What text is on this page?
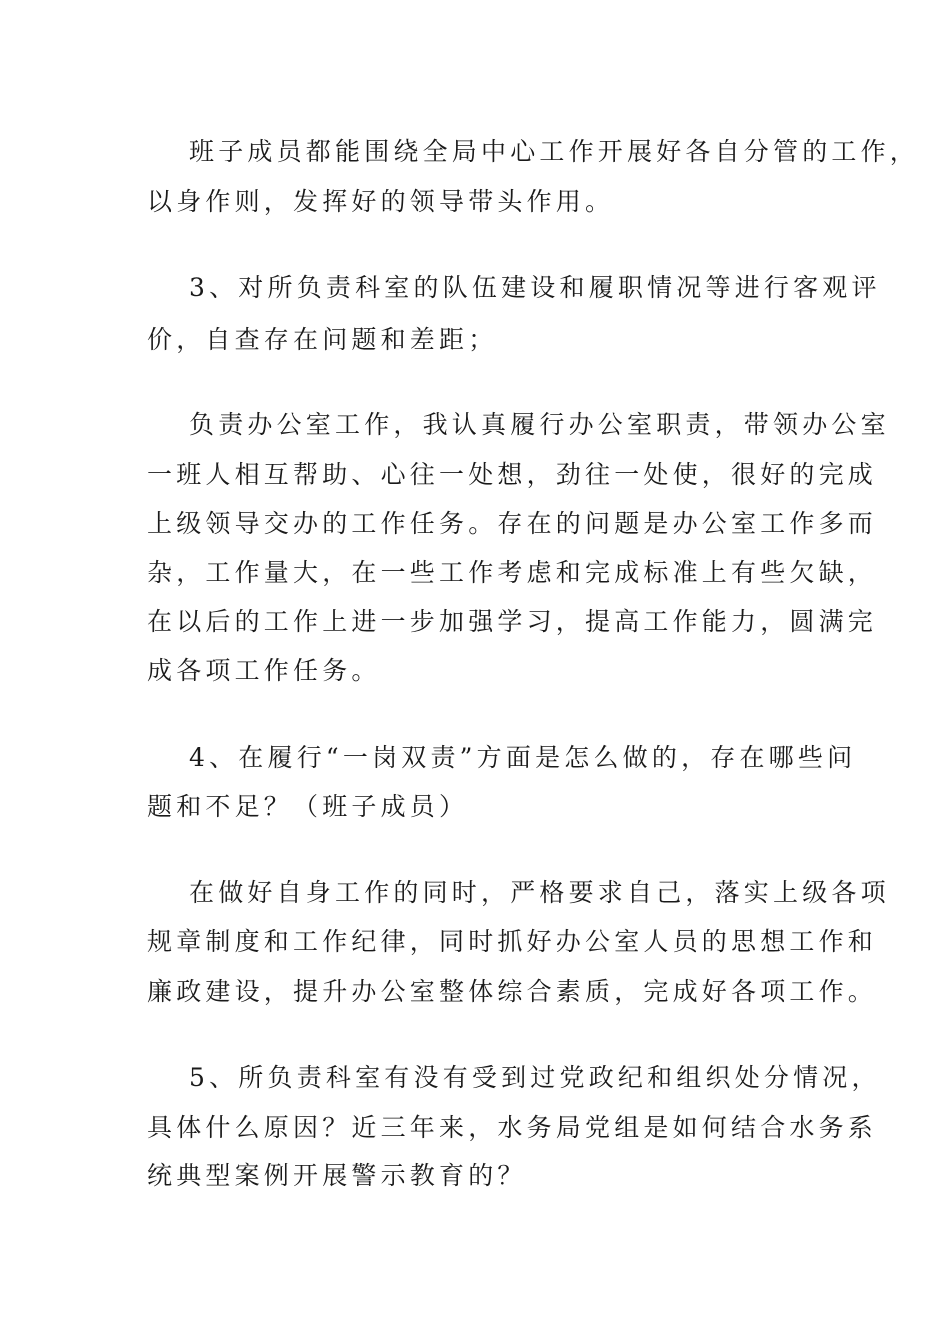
班子成员都能围绕全局中心工作开展好各自分管的工作，
以身作则，发挥好的领导带头作用。
3、对所负责科室的队伍建设和履职情况等进行客观评
价，自查存在问题和差距；
负责办公室工作，我认真履行办公室职责，带领办公室
一班人相互帮助、心往一处想，劲往一处使，很好的完成
上级领导交办的工作任务。存在的问题是办公室工作多而
杂，工作量大，在一些工作考虑和完成标准上有些欠缺，
在以后的工作上进一步加强学习，提高工作能力，圆满完
成各项工作任务。
4、在履行“一岗双责”方面是怎么做的，存在哪些问
题和不足？（班子成员）
在做好自身工作的同时，严格要求自己，落实上级各项
规章制度和工作纪律，同时抓好办公室人员的思想工作和
廉政建设，提升办公室整体综合素质，完成好各项工作。
5、所负责科室有没有受到过党政纪和组织处分情况，
具体什么原因？近三年来，水务局党组是如何结合水务系
统典型案例开展警示教育的？
